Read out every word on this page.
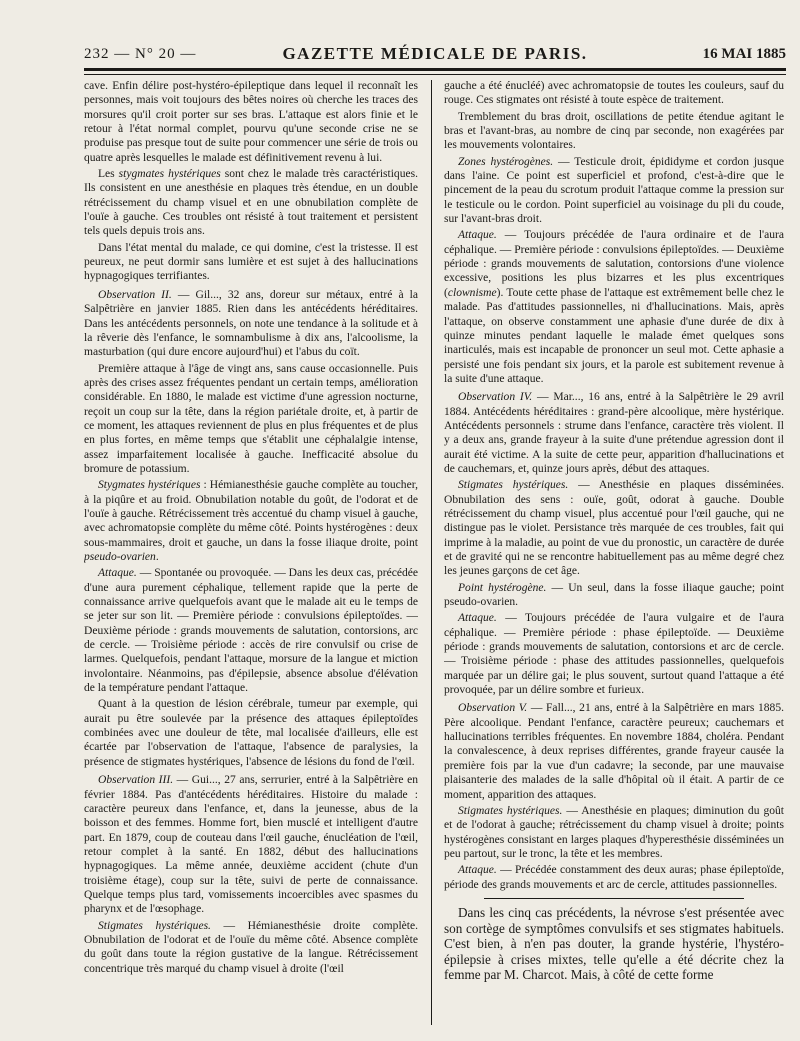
232 — N° 20 —	GAZETTE MÉDICALE DE PARIS.	16 MAI 1885

cave. Enfin délire post-hystéro-épileptique dans lequel il reconnaît les personnes, mais voit toujours des bêtes noires où cherche les traces des morsures qu'il croit porter sur ses bras. L'attaque est alors finie et le retour à l'état normal complet, pourvu qu'une seconde crise ne se produise pas presque tout de suite pour commencer une série de trois ou quatre après lesquelles le malade est définitivement revenu à lui.

Les stygmates hystériques sont chez le malade très caractéristiques. Ils consistent en une anesthésie en plaques très étendue, en un double rétrécissement du champ visuel et en une obnubilation complète de l'ouïe à gauche. Ces troubles ont résisté à tout traitement et persistent tels quels depuis trois ans.

Dans l'état mental du malade, ce qui domine, c'est la tristesse. Il est peureux, ne peut dormir sans lumière et est sujet à des hallucinations hypnagogiques terrifiantes.

Observation II. — Gil..., 32 ans, doreur sur métaux, entré à la Salpêtrière en janvier 1885. Rien dans les antécédents héréditaires. Dans les antécédents personnels, on note une tendance à la solitude et à la rêverie dès l'enfance, le somnambulisme à dix ans, l'alcoolisme, la masturbation (qui dure encore aujourd'hui) et l'abus du coït.

Première attaque à l'âge de vingt ans, sans cause occasionnelle. Puis après des crises assez fréquentes pendant un certain temps, amélioration considérable. En 1880, le malade est victime d'une agression nocturne, reçoit un coup sur la tête, dans la région pariétale droite, et, à partir de ce moment, les attaques reviennent de plus en plus fréquentes et de plus en plus fortes, en même temps que s'établit une céphalalgie intense, assez imparfaitement localisée à gauche. Inefficacité absolue du bromure de potassium.

Stygmates hystériques : Hémianesthésie gauche complète au toucher, à la piqûre et au froid. Obnubilation notable du goût, de l'odorat et de l'ouïe à gauche. Rétrécissement très accentué du champ visuel à gauche, avec achromatopsie complète du même côté. Points hystérogènes : deux sous-mammaires, droit et gauche, un dans la fosse iliaque droite, point pseudo-ovarien.

Attaque. — Spontanée ou provoquée. — Dans les deux cas, précédée d'une aura purement céphalique, tellement rapide que la perte de connaissance arrive quelquefois avant que le malade ait eu le temps de se jeter sur son lit. — Première période : convulsions épileptoïdes. — Deuxième période : grands mouvements de salutation, contorsions, arc de cercle. — Troisième période : accès de rire convulsif ou crise de larmes. Quelquefois, pendant l'attaque, morsure de la langue et miction involontaire. Néanmoins, pas d'épilepsie, absence absolue d'élévation de la température pendant l'attaque.

Quant à la question de lésion cérébrale, tumeur par exemple, qui aurait pu être soulevée par la présence des attaques épileptoïdes combinées avec une douleur de tête, mal localisée d'ailleurs, elle est écartée par l'observation de l'attaque, l'absence de paralysies, la présence de stigmates hystériques, l'absence de lésions du fond de l'œil.

Observation III. — Gui..., 27 ans, serrurier, entré à la Salpêtrière en février 1884. Pas d'antécédents héréditaires. Histoire du malade : caractère peureux dans l'enfance, et, dans la jeunesse, abus de la boisson et des femmes. Homme fort, bien musclé et intelligent d'autre part. En 1879, coup de couteau dans l'œil gauche, énucléation de l'œil, retour complet à la santé. En 1882, début des hallucinations hypnagogiques. La même année, deuxième accident (chute d'un troisième étage), coup sur la tête, suivi de perte de connaissance. Quelque temps plus tard, vomissements incoercibles avec spasmes du pharynx et de l'œsophage.

Stigmates hystériques. — Hémianesthésie droite complète. Obnubilation de l'odorat et de l'ouïe du même côté. Absence complète du goût dans toute la région gustative de la langue. Rétrécissement concentrique très marqué du champ visuel à droite (l'œil

gauche a été énucléé) avec achromatopsie de toutes les couleurs, sauf du rouge. Ces stigmates ont résisté à toute espèce de traitement.

Tremblement du bras droit, oscillations de petite étendue agitant le bras et l'avant-bras, au nombre de cinq par seconde, non exagérées par les mouvements volontaires.

Zones hystérogènes. — Testicule droit, épididyme et cordon jusque dans l'aine. Ce point est superficiel et profond, c'est-à-dire que le pincement de la peau du scrotum produit l'attaque comme la pression sur le testicule ou le cordon. Point superficiel au voisinage du pli du coude, sur l'avant-bras droit.

Attaque. — Toujours précédée de l'aura ordinaire et de l'aura céphalique. — Première période : convulsions épileptoïdes. — Deuxième période : grands mouvements de salutation, contorsions d'une violence excessive, positions les plus bizarres et les plus excentriques (clownisme). Toute cette phase de l'attaque est extrêmement belle chez le malade. Pas d'attitudes passionnelles, ni d'hallucinations. Mais, après l'attaque, on observe constamment une aphasie d'une durée de dix à quinze minutes pendant laquelle le malade émet quelques sons inarticulés, mais est incapable de prononcer un seul mot. Cette aphasie a persisté une fois pendant six jours, et la parole est subitement revenue à la suite d'une attaque.

Observation IV. — Mar..., 16 ans, entré à la Salpêtrière le 29 avril 1884. Antécédents héréditaires : grand-père alcoolique, mère hystérique. Antécédents personnels : strume dans l'enfance, caractère très violent. Il y a deux ans, grande frayeur à la suite d'une prétendue agression dont il aurait été victime. A la suite de cette peur, apparition d'hallucinations et de cauchemars, et, quinze jours après, début des attaques.

Stigmates hystériques. — Anesthésie en plaques disséminées. Obnubilation des sens : ouïe, goût, odorat à gauche. Double rétrécissement du champ visuel, plus accentué pour l'œil gauche, qui ne distingue pas le violet. Persistance très marquée de ces troubles, fait qui imprime à la maladie, au point de vue du pronostic, un caractère de durée et de gravité qui ne se rencontre habituellement pas au même degré chez les jeunes garçons de cet âge.

Point hystérogène. — Un seul, dans la fosse iliaque gauche; point pseudo-ovarien.

Attaque. — Toujours précédée de l'aura vulgaire et de l'aura céphalique. — Première période : phase épileptoïde. — Deuxième période : grands mouvements de salutation, contorsions et arc de cercle. — Troisième période : phase des attitudes passionnelles, quelquefois marquée par un délire gai; le plus souvent, surtout quand l'attaque a été provoquée, par un délire sombre et furieux.

Observation V. — Fall..., 21 ans, entré à la Salpêtrière en mars 1885. Père alcoolique. Pendant l'enfance, caractère peureux; cauchemars et hallucinations terribles fréquentes. En novembre 1884, choléra. Pendant la convalescence, à deux reprises différentes, grande frayeur causée la première fois par la vue d'un cadavre; la seconde, par une mauvaise plaisanterie des malades de la salle d'hôpital où il était. A partir de ce moment, apparition des attaques.

Stigmates hystériques. — Anesthésie en plaques; diminution du goût et de l'odorat à gauche; rétrécissement du champ visuel à droite; points hystérogènes consistant en larges plaques d'hyperesthésie disséminées un peu partout, sur le tronc, la tête et les membres.

Attaque. — Précédée constamment des deux auras; phase épileptoïde, période des grands mouvements et arc de cercle, attitudes passionnelles.

Dans les cinq cas précédents, la névrose s'est présentée avec son cortège de symptômes convulsifs et ses stigmates habituels. C'est bien, à n'en pas douter, la grande hystérie, l'hystéro-épilepsie à crises mixtes, telle qu'elle a été décrite chez la femme par M. Charcot. Mais, à côté de cette forme
